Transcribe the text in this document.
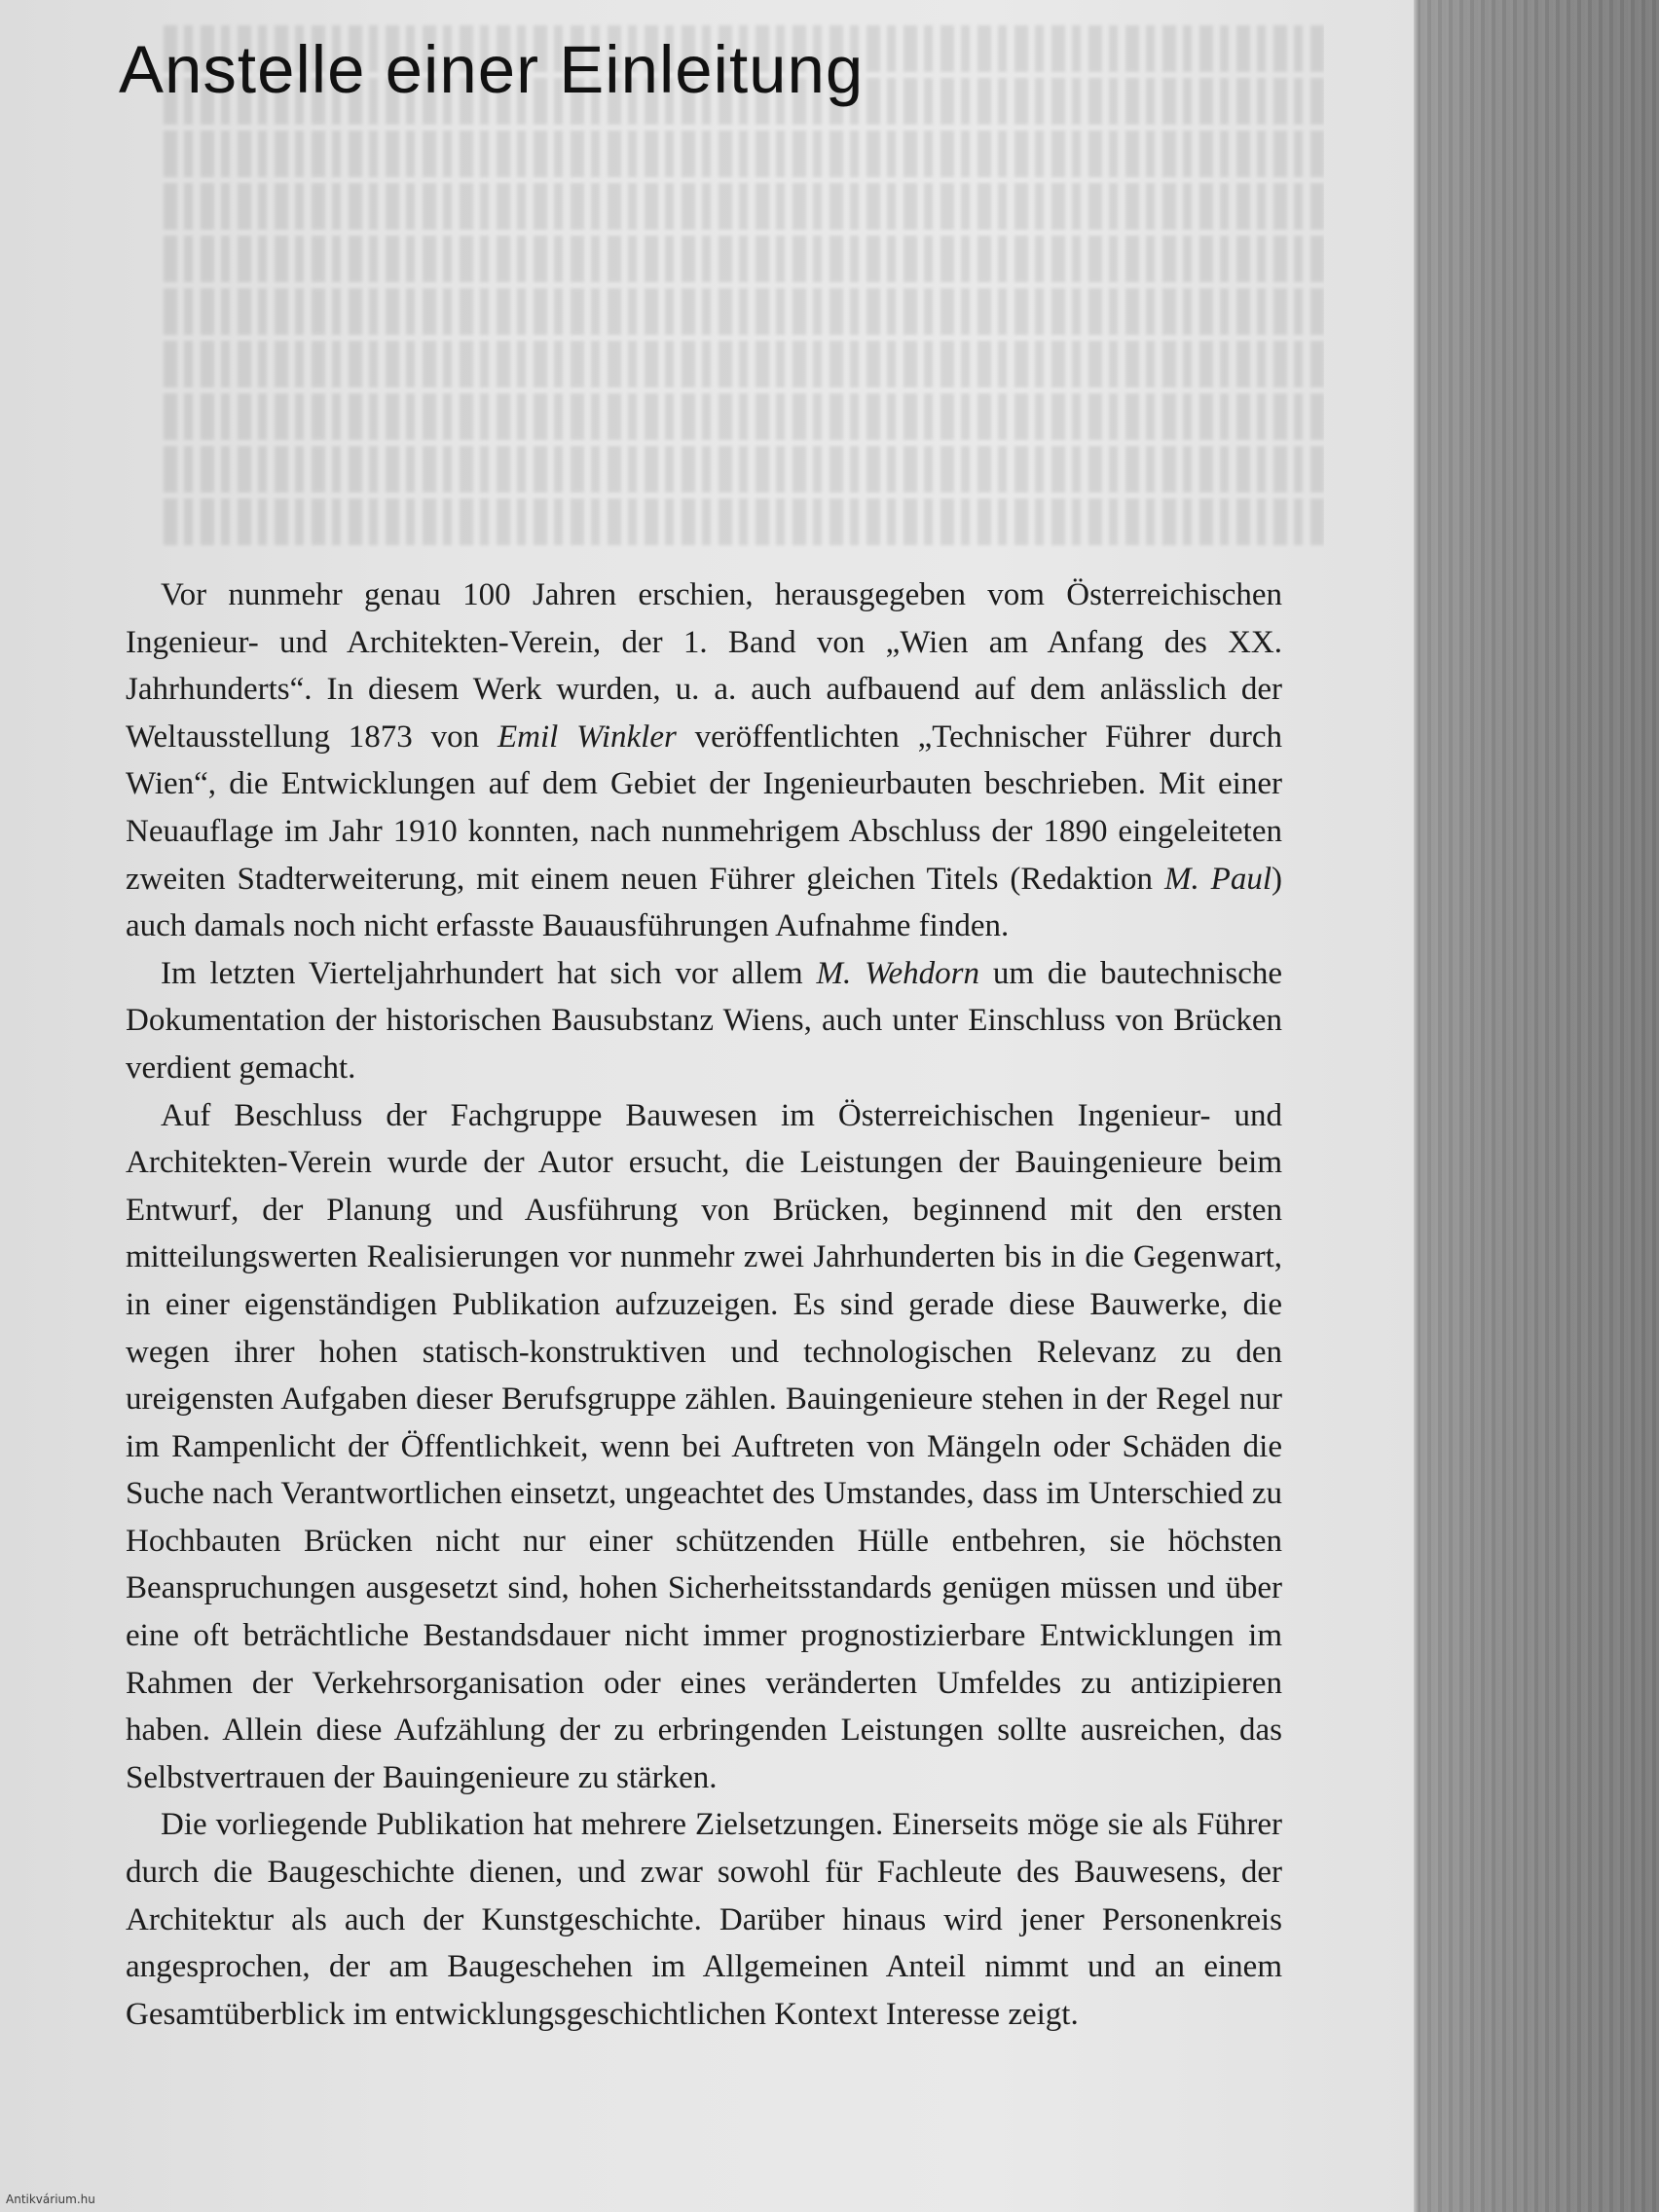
Anstelle einer Einleitung

Vor nunmehr genau 100 Jahren erschien, herausgegeben vom Österreichischen Ingenieur- und Architekten-Verein, der 1. Band von „Wien am Anfang des XX. Jahrhunderts“. In diesem Werk wurden, u. a. auch aufbauend auf dem anlässlich der Weltausstellung 1873 von Emil Winkler veröffentlichten „Technischer Führer durch Wien“, die Entwicklungen auf dem Gebiet der Ingenieurbauten beschrieben. Mit einer Neuauflage im Jahr 1910 konnten, nach nunmehrigem Abschluss der 1890 eingeleiteten zweiten Stadterweiterung, mit einem neuen Führer gleichen Titels (Redaktion M. Paul) auch damals noch nicht erfasste Bauausführungen Aufnahme finden.

Im letzten Vierteljahrhundert hat sich vor allem M. Wehdorn um die bautechnische Dokumentation der historischen Bausubstanz Wiens, auch unter Einschluss von Brücken verdient gemacht.

Auf Beschluss der Fachgruppe Bauwesen im Österreichischen Ingenieur- und Architekten-Verein wurde der Autor ersucht, die Leistungen der Bauingenieure beim Entwurf, der Planung und Ausführung von Brücken, beginnend mit den ersten mitteilungswerten Realisierungen vor nunmehr zwei Jahrhunderten bis in die Gegenwart, in einer eigenständigen Publikation aufzuzeigen. Es sind gerade diese Bauwerke, die wegen ihrer hohen statisch-konstruktiven und technologischen Relevanz zu den ureigensten Aufgaben dieser Berufsgruppe zählen. Bauingenieure stehen in der Regel nur im Rampenlicht der Öffentlichkeit, wenn bei Auftreten von Mängeln oder Schäden die Suche nach Verantwortlichen einsetzt, ungeachtet des Umstandes, dass im Unterschied zu Hochbauten Brücken nicht nur einer schützenden Hülle entbehren, sie höchsten Beanspruchungen ausgesetzt sind, hohen Sicherheitsstandards genügen müssen und über eine oft beträchtliche Bestandsdauer nicht immer prognostizierbare Entwicklungen im Rahmen der Verkehrsorganisation oder eines veränderten Umfeldes zu antizipieren haben. Allein diese Aufzählung der zu erbringenden Leistungen sollte ausreichen, das Selbstvertrauen der Bauingenieure zu stärken.

Die vorliegende Publikation hat mehrere Zielsetzungen. Einerseits möge sie als Führer durch die Baugeschichte dienen, und zwar sowohl für Fachleute des Bauwesens, der Architektur als auch der Kunstgeschichte. Darüber hinaus wird jener Personenkreis angesprochen, der am Baugeschehen im Allgemeinen Anteil nimmt und an einem Gesamtüberblick im entwicklungsgeschichtlichen Kontext Interesse zeigt.

Antikvárium.hu
